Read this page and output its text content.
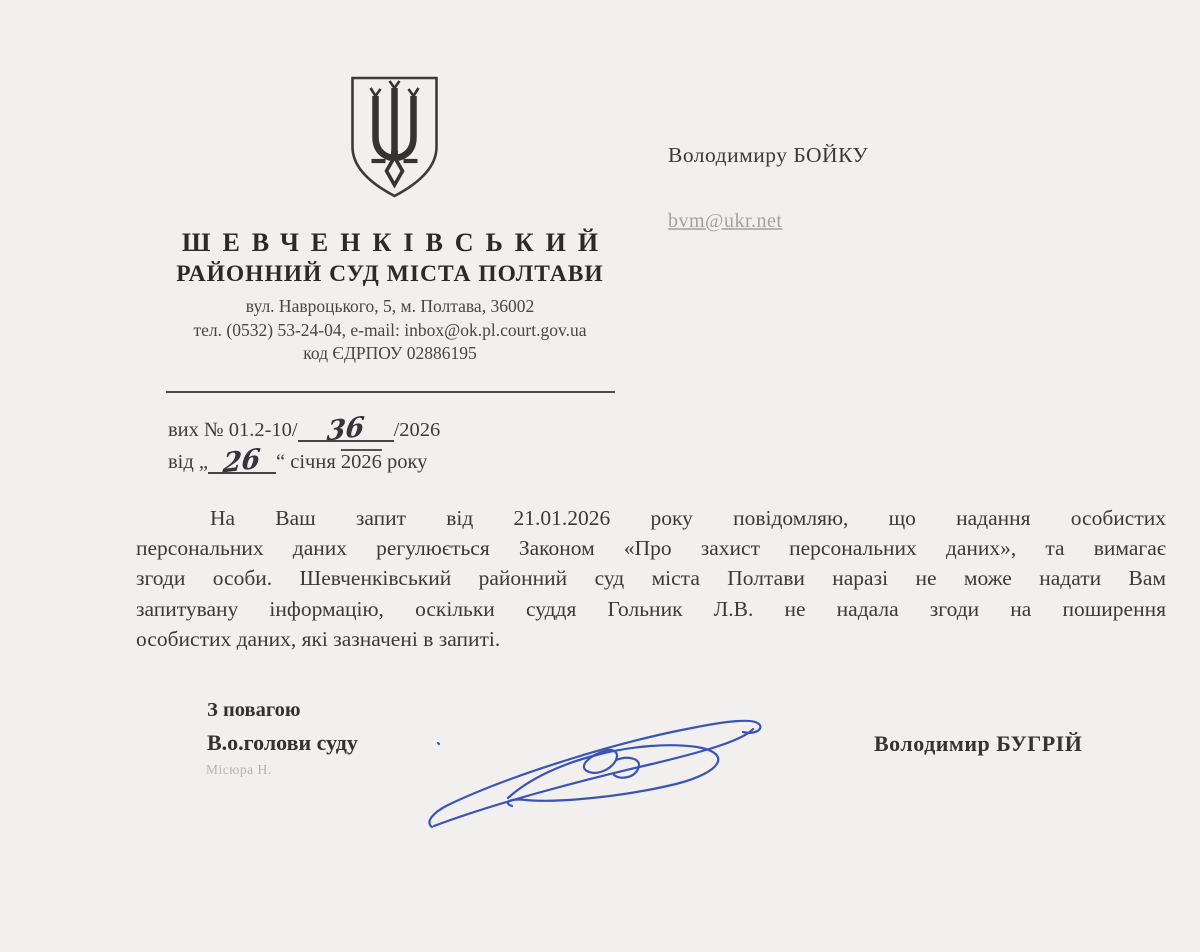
ШЕВЧЕНКІВСЬКИЙ
РАЙОННИЙ СУД МІСТА ПОЛТАВИ
вул. Навроцького, 5, м. Полтава, 36002
тел. (0532) 53-24-04, e-mail: inbox@ok.pl.court.gov.ua
код ЄДРПОУ 02886195
Володимиру БОЙКУ
bvm@ukr.net
вих № 01.2-10/ 36 /2026
від „ 26 “ січня 2026 року
На Ваш запит від 21.01.2026 року повідомляю, що надання особистих
персональних даних регулюється Законом «Про захист персональних даних», та вимагає
згоди особи. Шевченківський районний суд міста Полтави наразі не може надати Вам
запитувану інформацію, оскільки суддя Гольник Л.В. не надала згоди на поширення
особистих даних, які зазначені в запиті.
З повагою
В.о.голови суду
Місюра Н.
Володимир БУГРІЙ
